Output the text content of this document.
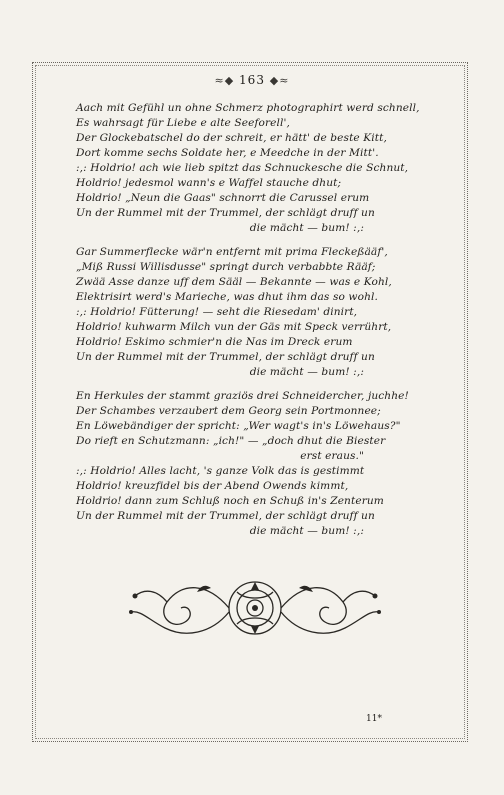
≈◆ 163 ◆≈
Aach mit Gefühl un ohne Schmerz photographirt werd schnell,
Es wahrsagt für Liebe e alte Seeforell',
Der Glockebatschel do der schreit, er hätt' de beste Kitt,
Dort komme sechs Soldate her, e Meedche in der Mitt'.
:,: Holdrio! ach wie lieb spitzt das Schnuckesche die Schnut,
Holdrio! jedesmol wann's e Waffel stauche dhut;
Holdrio! „Neun die Gaas" schnorrt die Carussel erum
Un der Rummel mit der Trummel, der schlägt druff un
die mächt — bum! :,:
Gar Summerflecke wär'n entfernt mit prima Fleckeßääf',
„Miß Russi Willisdusse" springt durch verbabbte Rääf;
Zwää Asse danze uff dem Sääl — Bekannte — was e Kohl,
Elektrisirt werd's Marieche, was dhut ihm das so wohl.
:,: Holdrio! Fütterung! — seht die Riesedam' dinirt,
Holdrio! kuhwarm Milch vun der Gäs mit Speck verrührt,
Holdrio! Eskimo schmier'n die Nas im Dreck erum
Un der Rummel mit der Trummel, der schlägt druff un
die mächt — bum! :,:
En Herkules der stammt graziös drei Schneidercher, juchhe!
Der Schambes verzaubert dem Georg sein Portmonnee;
En Löwebändiger der spricht: „Wer wagt's in's Löwehaus?"
Do rieft en Schutzmann: „ich!" — „doch dhut die Biester
erst eraus."
:,: Holdrio! Alles lacht, 's ganze Volk das is gestimmt
Holdrio! kreuzfidel bis der Abend Owends kimmt,
Holdrio! dann zum Schluß noch en Schuß in's Zenterum
Un der Rummel mit der Trummel, der schlägt druff un
die mächt — bum! :,:
11*
